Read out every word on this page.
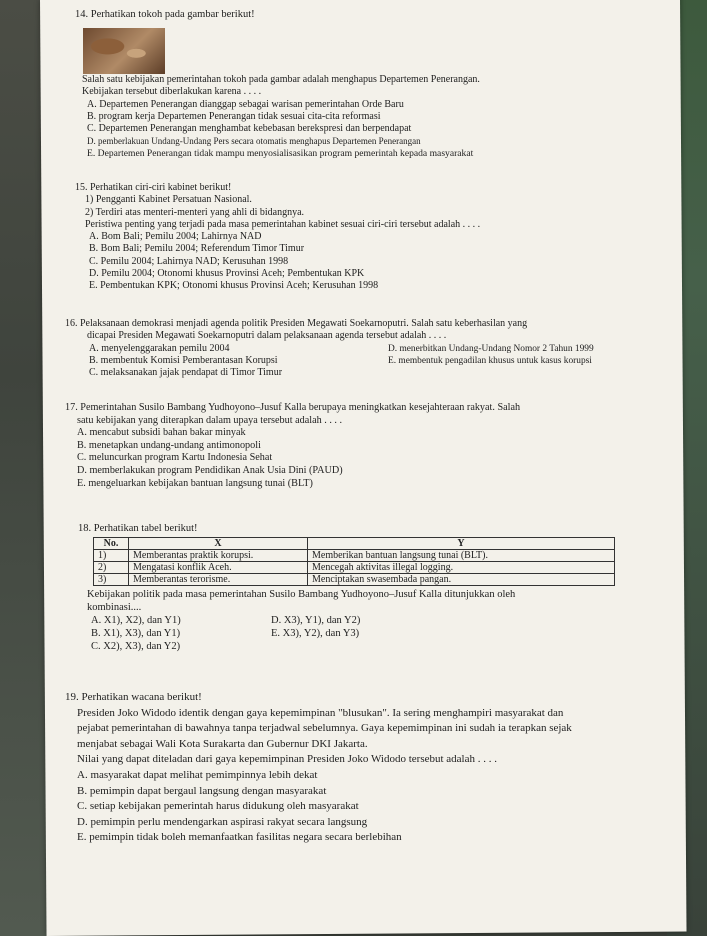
14. Perhatikan tokoh pada gambar berikut!

Salah satu kebijakan pemerintahan tokoh pada gambar adalah menghapus Departemen Penerangan.

Kebijakan tersebut diberlakukan karena . . . .

A. Departemen Penerangan dianggap sebagai warisan pemerintahan Orde Baru

B. program kerja Departemen Penerangan tidak sesuai cita-cita reformasi

C. Departemen Penerangan menghambat kebebasan berekspresi dan berpendapat

D. pemberlakuan Undang-Undang Pers secara otomatis menghapus Departemen Penerangan

E. Departemen Penerangan tidak mampu menyosialisasikan program pemerintah kepada masyarakat

15. Perhatikan ciri-ciri kabinet berikut!

1) Pengganti Kabinet Persatuan Nasional.

2) Terdiri atas menteri-menteri yang ahli di bidangnya.

Peristiwa penting yang terjadi pada masa pemerintahan kabinet sesuai ciri-ciri tersebut adalah . . . .

A. Bom Bali; Pemilu 2004; Lahirnya NAD

B. Bom Bali; Pemilu 2004; Referendum Timor Timur

C. Pemilu 2004; Lahirnya NAD; Kerusuhan 1998

D. Pemilu 2004; Otonomi khusus Provinsi Aceh; Pembentukan KPK

E. Pembentukan KPK; Otonomi khusus Provinsi Aceh; Kerusuhan 1998

16. Pelaksanaan demokrasi menjadi agenda politik Presiden Megawati Soekarnoputri. Salah satu keberhasilan yang

dicapai Presiden Megawati Soekarnoputri dalam pelaksanaan agenda tersebut adalah . . . .

A. menyelenggarakan pemilu 2004

B. membentuk Komisi Pemberantasan Korupsi

C. melaksanakan jajak pendapat di Timor Timur

D. menerbitkan Undang-Undang Nomor 2 Tahun 1999

E. membentuk pengadilan khusus untuk kasus korupsi

17. Pemerintahan Susilo Bambang Yudhoyono–Jusuf Kalla berupaya meningkatkan kesejahteraan rakyat. Salah

satu kebijakan yang diterapkan dalam upaya tersebut adalah . . . .

A. mencabut subsidi bahan bakar minyak

B. menetapkan undang-undang antimonopoli

C. meluncurkan program Kartu Indonesia Sehat

D. memberlakukan program Pendidikan Anak Usia Dini (PAUD)

E. mengeluarkan kebijakan bantuan langsung tunai (BLT)

18. Perhatikan tabel berikut!

No.	X	Y
1)	Memberantas praktik korupsi.	Memberikan bantuan langsung tunai (BLT).
2)	Mengatasi konflik Aceh.	Mencegah aktivitas illegal logging.
3)	Memberantas terorisme.	Menciptakan swasembada pangan.

Kebijakan politik pada masa pemerintahan Susilo Bambang Yudhoyono–Jusuf Kalla ditunjukkan oleh

kombinasi....

A. X1), X2), dan Y1)

B. X1), X3), dan Y1)

C. X2), X3), dan Y2)

D. X3), Y1), dan Y2)

E. X3), Y2), dan Y3)

19. Perhatikan wacana berikut!

Presiden Joko Widodo identik dengan gaya kepemimpinan "blusukan". Ia sering menghampiri masyarakat dan

pejabat pemerintahan di bawahnya tanpa terjadwal sebelumnya. Gaya kepemimpinan ini sudah ia terapkan sejak

menjabat sebagai Wali Kota Surakarta dan Gubernur DKI Jakarta.

Nilai yang dapat diteladan dari gaya kepemimpinan Presiden Joko Widodo tersebut adalah . . . .

A. masyarakat dapat melihat pemimpinnya lebih dekat

B. pemimpin dapat bergaul langsung dengan masyarakat

C. setiap kebijakan pemerintah harus didukung oleh masyarakat

D. pemimpin perlu mendengarkan aspirasi rakyat secara langsung

E. pemimpin tidak boleh memanfaatkan fasilitas negara secara berlebihan
